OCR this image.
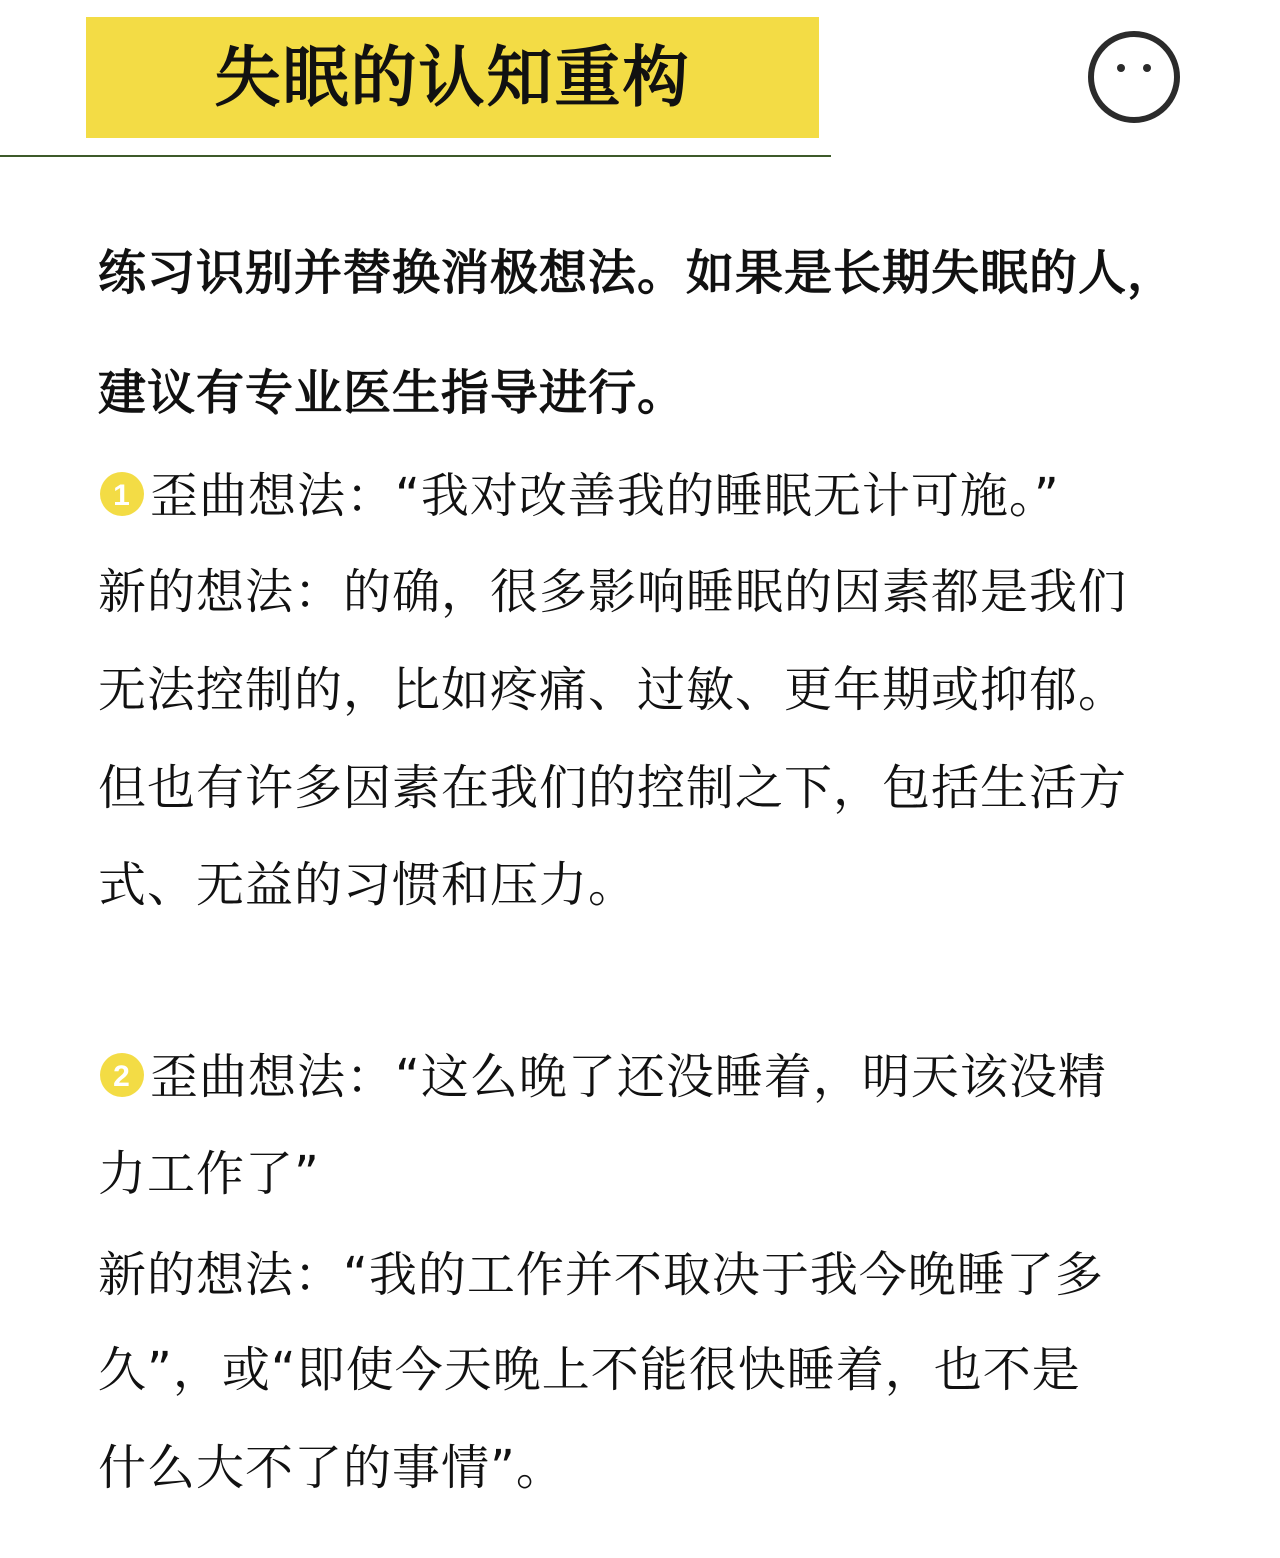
失眠的认知重构
练习识别并替换消极想法。如果是长期失眠的人，
建议有专业医生指导进行。
1 歪曲想法：“我对改善我的睡眠无计可施。”
新的想法：的确，很多影响睡眠的因素都是我们
无法控制的，比如疼痛、过敏、更年期或抑郁。
但也有许多因素在我们的控制之下，包括生活方
式、无益的习惯和压力。
2 歪曲想法：“这么晚了还没睡着，明天该没精
力工作了”
新的想法：“我的工作并不取决于我今晚睡了多
久”，或“即使今天晚上不能很快睡着，也不是
什么大不了的事情”。
